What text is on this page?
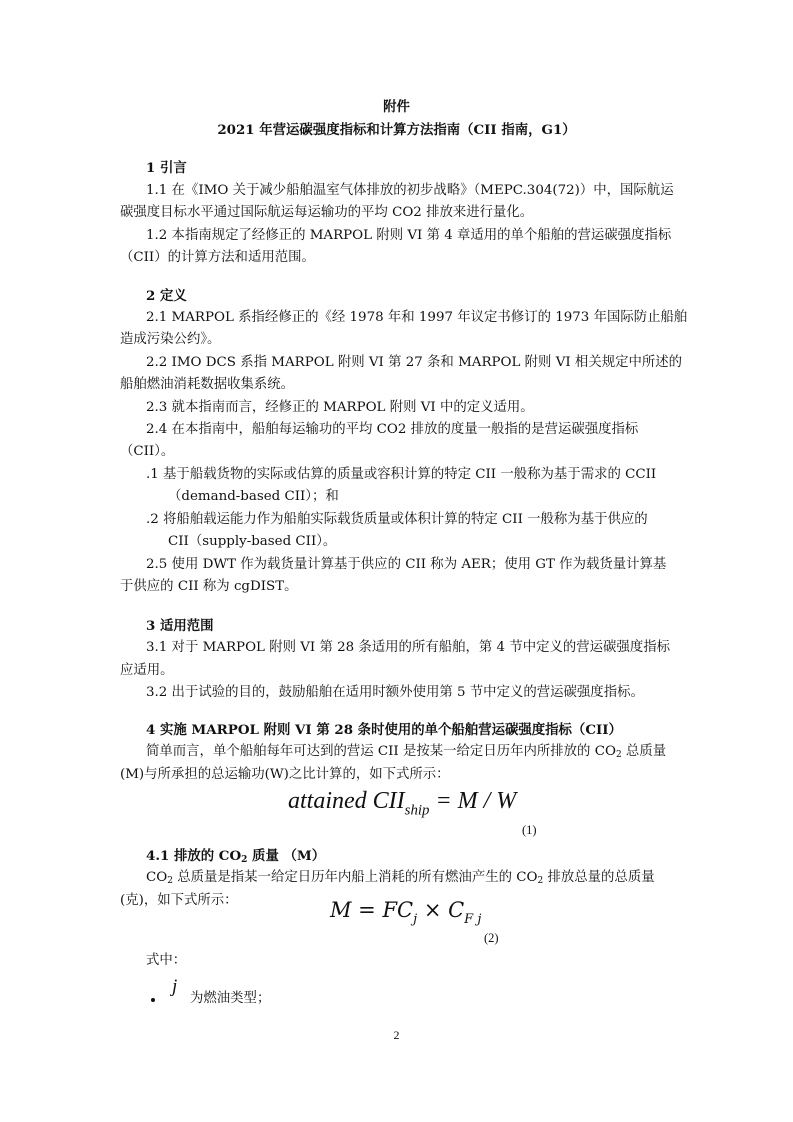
附件
2021 年营运碳强度指标和计算方法指南（CII 指南，G1）
1 引言
1.1 在《IMO 关于减少船舶温室气体排放的初步战略》（MEPC.304(72)）中，国际航运
碳强度目标水平通过国际航运每运输功的平均 CO2 排放来进行量化。
1.2 本指南规定了经修正的 MARPOL 附则 VI 第 4 章适用的单个船舶的营运碳强度指标
（CII）的计算方法和适用范围。
2 定义
2.1 MARPOL 系指经修正的《经 1978 年和 1997 年议定书修订的 1973 年国际防止船舶
造成污染公约》。
2.2 IMO DCS 系指 MARPOL 附则 VI 第 27 条和 MARPOL 附则 VI 相关规定中所述的
船舶燃油消耗数据收集系统。
2.3 就本指南而言，经修正的 MARPOL 附则 VI 中的定义适用。
2.4 在本指南中，船舶每运输功的平均 CO2 排放的度量一般指的是营运碳强度指标
（CII）。
.1 基于船载货物的实际或估算的质量或容积计算的特定 CII 一般称为基于需求的 CCII
（demand-based CII）；和
.2 将船舶载运能力作为船舶实际载货质量或体积计算的特定 CII 一般称为基于供应的
CII（supply-based CII）。
2.5 使用 DWT 作为载货量计算基于供应的 CII 称为 AER；使用 GT 作为载货量计算基
于供应的 CII 称为 cgDIST。
3 适用范围
3.1 对于 MARPOL 附则 VI 第 28 条适用的所有船舶，第 4 节中定义的营运碳强度指标
应适用。
3.2 出于试验的目的，鼓励船舶在适用时额外使用第 5 节中定义的营运碳强度指标。
4 实施 MARPOL 附则 VI 第 28 条时使用的单个船舶营运碳强度指标（CII）
简单而言，单个船舶每年可达到的营运 CII 是按某一给定日历年内所排放的 CO2 总质量
(M)与所承担的总运输功(W)之比计算的，如下式所示：
attained $CII_{ship} = M / W$
(1)
4.1 排放的 CO2 质量 （M）
CO2 总质量是指某一给定日历年内船上消耗的所有燃油产生的 CO2 排放总量的总质量
(克)，如下式所示：	$M = FC_j \times C_{F j}$
(2)
式中：
j
为燃油类型；
2
